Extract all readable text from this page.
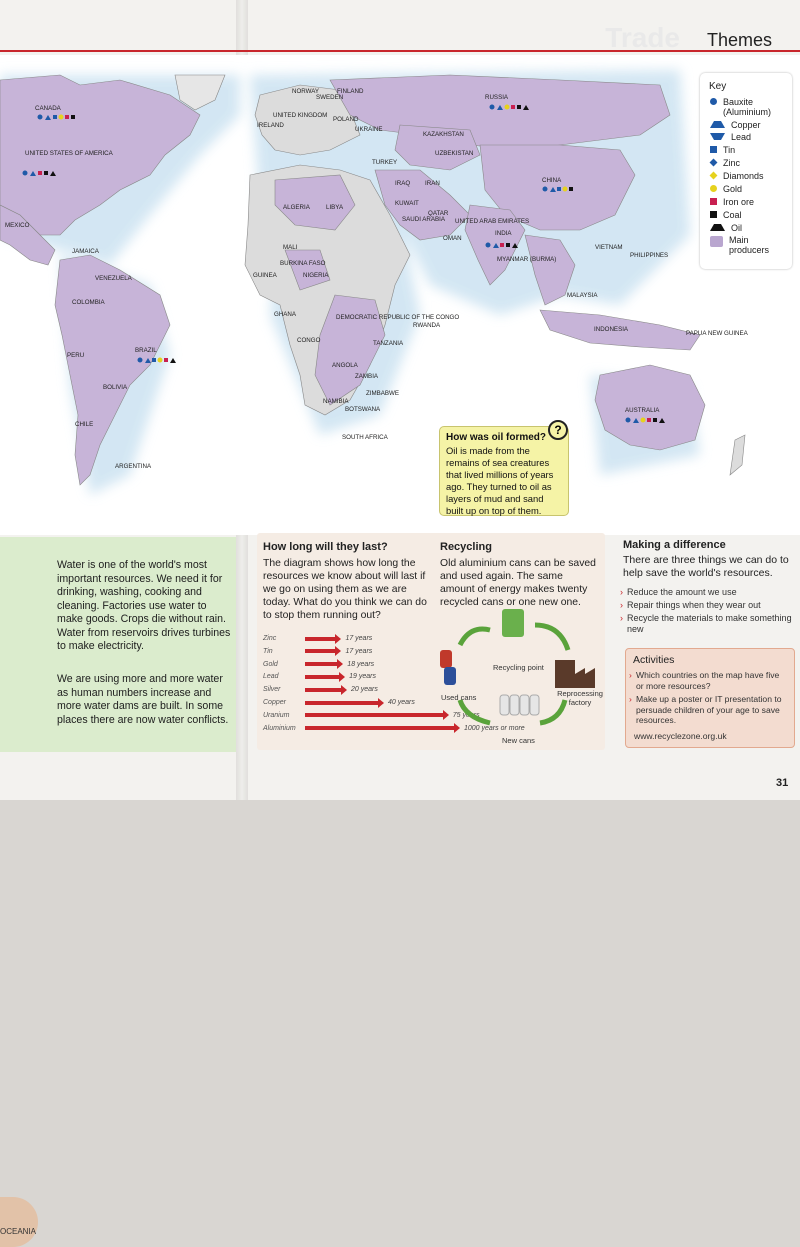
Trade Themes
CANADA
UNITED STATES OF AMERICA
MEXICO
JAMAICA
VENEZUELA
COLOMBIA
PERU
BRAZIL
BOLIVIA
CHILE
ARGENTINA
NORWAY
SWEDEN
FINLAND
POLAND
UNITED KINGDOM
IRELAND
UKRAINE
RUSSIA
KAZAKHSTAN
UZBEKISTAN
TURKEY
ALGERIA	LIBYA
MALI
BURKINA FASO
GUINEA	NIGERIA
GHANA
CONGO
DEMOCRATIC REPUBLIC OF THE CONGO
RWANDA
TANZANIA
ANGOLA
ZAMBIA
ZIMBABWE
NAMIBIA
BOTSWANA
SOUTH AFRICA
IRAQ IRAN
KUWAIT
SAUDI ARABIA
QATAR
UNITED ARAB EMIRATES
OMAN
INDIA
CHINA
MYANMAR (BURMA)
VIETNAM
PHILIPPINES
MALAYSIA
INDONESIA
PAPUA NEW GUINEA
AUSTRALIA
Key
Bauxite (Aluminium)
Copper
Lead
Tin
Zinc
Diamonds
Gold
Iron ore
Coal
Oil
Main producers
How was oil formed?
Oil is made from the remains of sea creatures that lived millions of years ago. They turned to oil as layers of mud and sand built up on top of them.
?
OCEANIA

Water is one of the world's most important resources. We need it for drinking, washing, cooking and cleaning. Factories use water to make goods. Crops die without rain. Water from reservoirs drives turbines to make electricity.

We are using more and more water as human numbers increase and more water dams are built. In some places there are now water conflicts.

How long will they last?
The diagram shows how long the resources we know about will last if we go on using them as we are today. What do you think we can do to stop them running out?
Zinc	17 years
Tin	17 years
Gold	18 years
Lead	19 years
Silver	20 years
Copper	40 years
Uranium	75 years
Aluminium	1000 years or more
Recycling
Old aluminium cans can be saved and used again. The same amount of energy makes twenty recycled cans or one new one.
Recycling point
Reprocessing factory
Used cans
New cans
Making a difference
There are three things we can do to help save the world's resources.
› Reduce the amount we use
› Repair things when they wear out
› Recycle the materials to make something new
Activities
› Which countries on the map have five or more resources?
› Make up a poster or IT presentation to persuade children of your age to save resources.
www.recyclezone.org.uk
31
